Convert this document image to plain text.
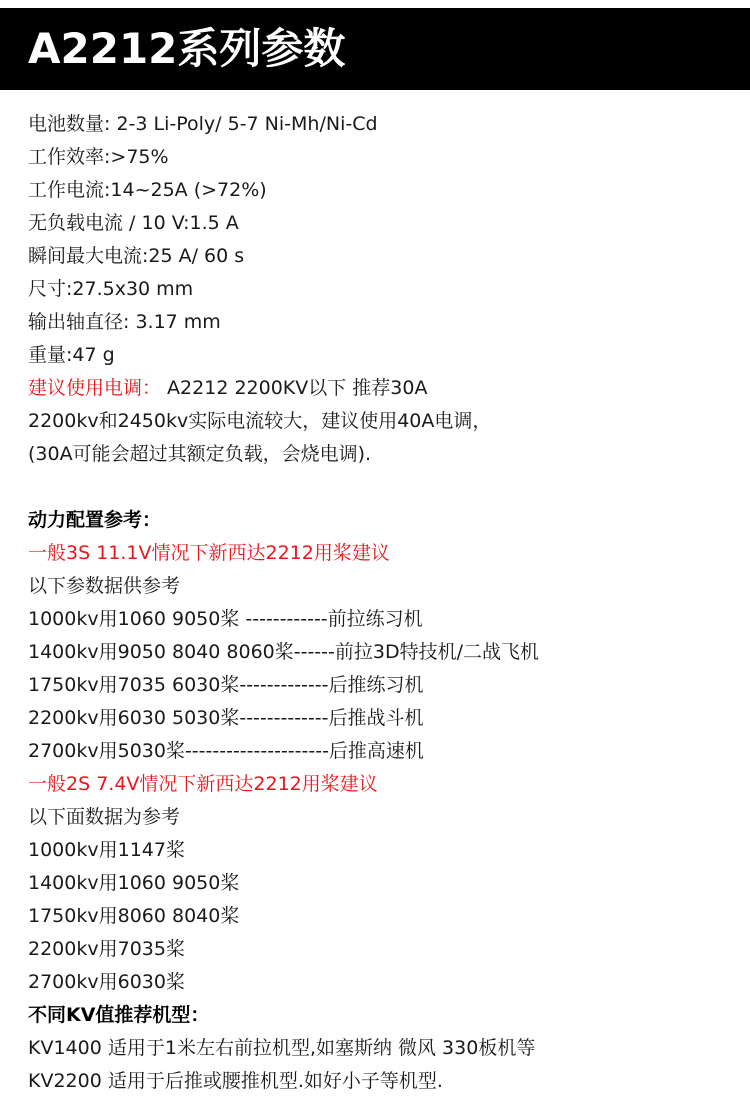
A2212系列参数
电池数量: 2-3 Li-Poly/ 5-7 Ni-Mh/Ni-Cd
工作效率:>75%
工作电流:14~25A (>72%)
无负载电流 / 10 V:1.5 A
瞬间最大电流:25 A/ 60 s
尺寸:27.5x30 mm
输出轴直径: 3.17 mm
重量:47 g
建议使用电调： A2212 2200KV以下 推荐30A
2200kv和2450kv实际电流较大，建议使用40A电调，
(30A可能会超过其额定负载，会烧电调).
动力配置参考：
一般3S 11.1V情况下新西达2212用桨建议
以下参数据供参考
1000kv用1060 9050桨 ------------前拉练习机
1400kv用9050 8040 8060桨------前拉3D特技机/二战飞机
1750kv用7035 6030桨-------------后推练习机
2200kv用6030 5030桨-------------后推战斗机
2700kv用5030桨---------------------后推高速机
一般2S 7.4V情况下新西达2212用桨建议
以下面数据为参考
1000kv用1147桨
1400kv用1060 9050桨
1750kv用8060 8040桨
2200kv用7035桨
2700kv用6030桨
不同KV值推荐机型：
KV1400 适用于1米左右前拉机型,如塞斯纳 微风 330板机等
KV2200 适用于后推或腰推机型.如好小子等机型.
